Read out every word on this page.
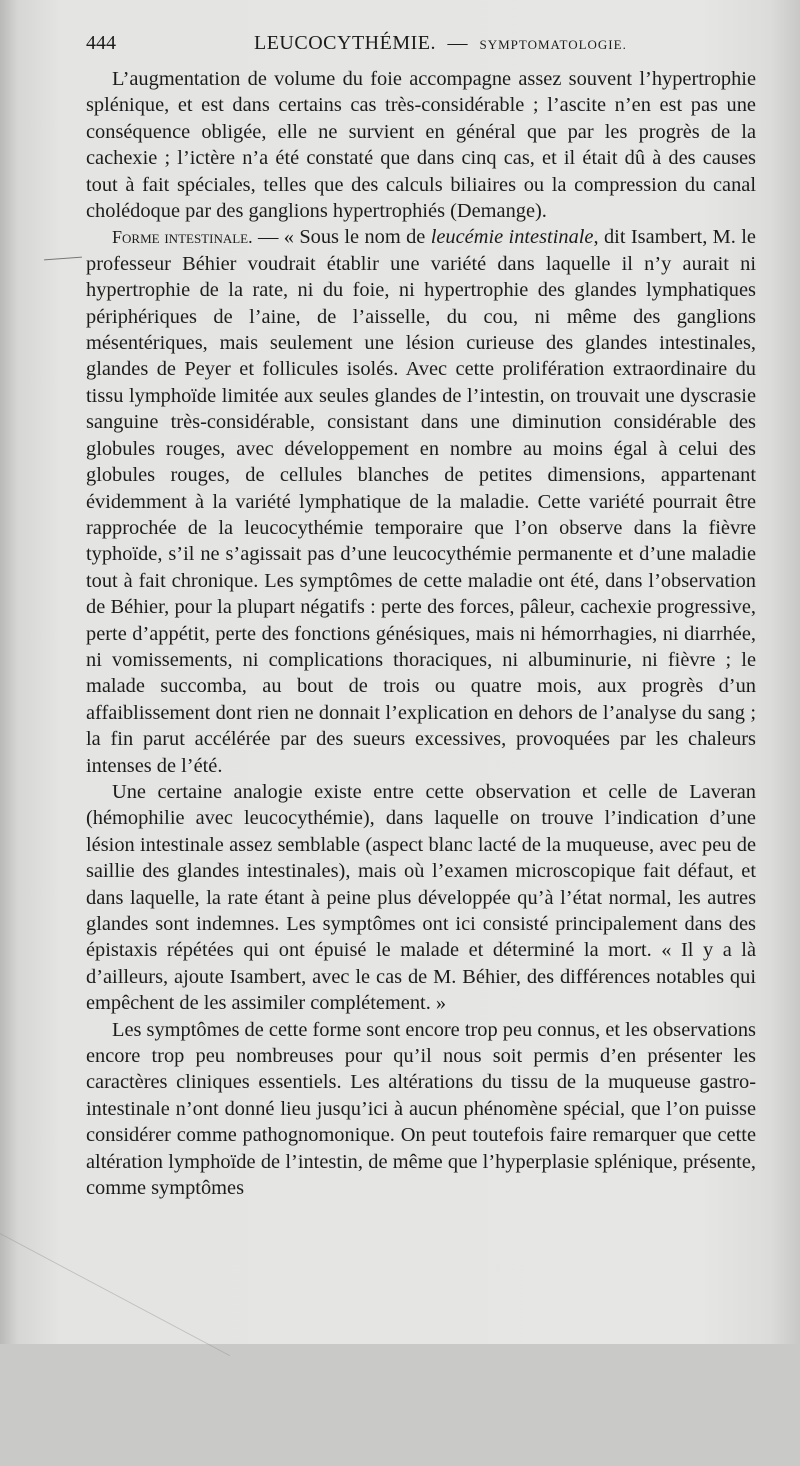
444	LEUCOCYTHÉMIE. — SYMPTOMATOLOGIE.

L’augmentation de volume du foie accompagne assez souvent l’hypertrophie splénique, et est dans certains cas très-considérable ; l’ascite n’en est pas une conséquence obligée, elle ne survient en général que par les progrès de la cachexie ; l’ictère n’a été constaté que dans cinq cas, et il était dû à des causes tout à fait spéciales, telles que des calculs biliaires ou la compression du canal cholédoque par des ganglions hypertrophiés (Demange).

Forme intestinale. — « Sous le nom de leucémie intestinale, dit Isambert, M. le professeur Béhier voudrait établir une variété dans laquelle il n’y aurait ni hypertrophie de la rate, ni du foie, ni hypertrophie des glandes lymphatiques périphériques de l’aine, de l’aisselle, du cou, ni même des ganglions mésentériques, mais seulement une lésion curieuse des glandes intestinales, glandes de Peyer et follicules isolés. Avec cette prolifération extraordinaire du tissu lymphoïde limitée aux seules glandes de l’intestin, on trouvait une dyscrasie sanguine très-considérable, consistant dans une diminution considérable des globules rouges, avec développement en nombre au moins égal à celui des globules rouges, de cellules blanches de petites dimensions, appartenant évidemment à la variété lymphatique de la maladie. Cette variété pourrait être rapprochée de la leucocythémie temporaire que l’on observe dans la fièvre typhoïde, s’il ne s’agissait pas d’une leucocythémie permanente et d’une maladie tout à fait chronique. Les symptômes de cette maladie ont été, dans l’observation de Béhier, pour la plupart négatifs : perte des forces, pâleur, cachexie progressive, perte d’appétit, perte des fonctions génésiques, mais ni hémorrhagies, ni diarrhée, ni vomissements, ni complications thoraciques, ni albuminurie, ni fièvre ; le malade succomba, au bout de trois ou quatre mois, aux progrès d’un affaiblissement dont rien ne donnait l’explication en dehors de l’analyse du sang ; la fin parut accélérée par des sueurs excessives, provoquées par les chaleurs intenses de l’été.

Une certaine analogie existe entre cette observation et celle de Laveran (hémophilie avec leucocythémie), dans laquelle on trouve l’indication d’une lésion intestinale assez semblable (aspect blanc lacté de la muqueuse, avec peu de saillie des glandes intestinales), mais où l’examen microscopique fait défaut, et dans laquelle, la rate étant à peine plus développée qu’à l’état normal, les autres glandes sont indemnes. Les symptômes ont ici consisté principalement dans des épistaxis répétées qui ont épuisé le malade et déterminé la mort. « Il y a là d’ailleurs, ajoute Isambert, avec le cas de M. Béhier, des différences notables qui empêchent de les assimiler complétement. »

Les symptômes de cette forme sont encore trop peu connus, et les observations encore trop peu nombreuses pour qu’il nous soit permis d’en présenter les caractères cliniques essentiels. Les altérations du tissu de la muqueuse gastro-intestinale n’ont donné lieu jusqu’ici à aucun phénomène spécial, que l’on puisse considérer comme pathognomonique. On peut toutefois faire remarquer que cette altération lymphoïde de l’intestin, de même que l’hyperplasie splénique, présente, comme symptômes
